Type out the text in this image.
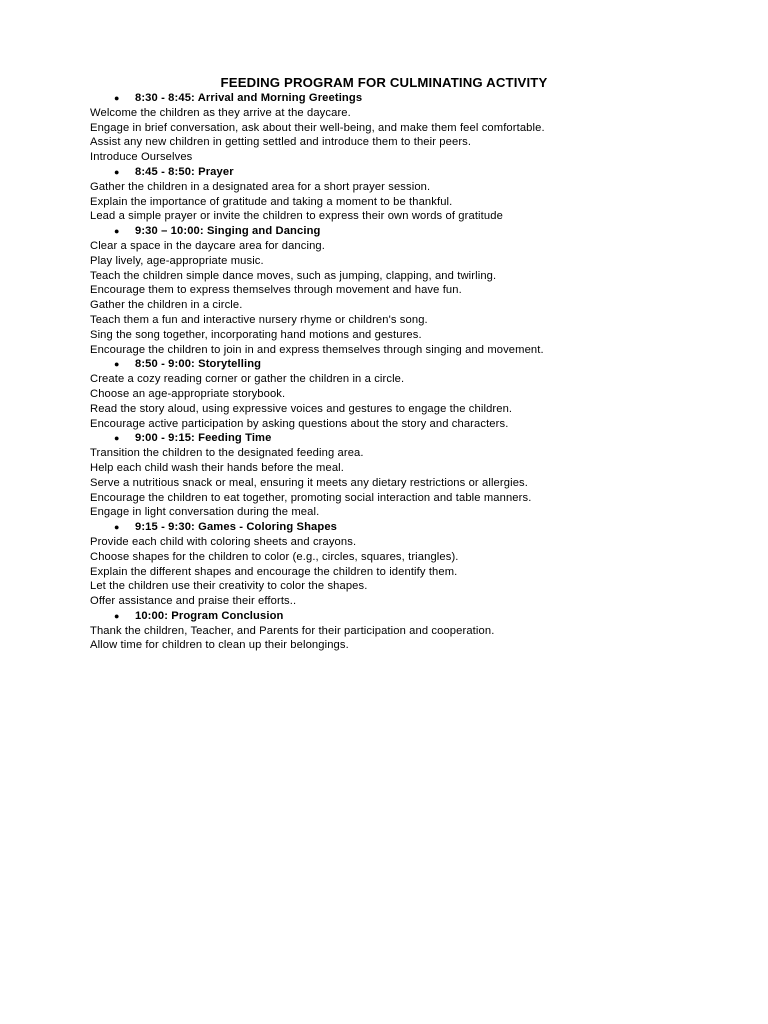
FEEDING PROGRAM FOR CULMINATING ACTIVITY
● 8:30 - 8:45: Arrival and Morning Greetings
Welcome the children as they arrive at the daycare.
Engage in brief conversation, ask about their well-being, and make them feel comfortable.
Assist any new children in getting settled and introduce them to their peers.
Introduce Ourselves
● 8:45 - 8:50: Prayer
Gather the children in a designated area for a short prayer session.
Explain the importance of gratitude and taking a moment to be thankful.
Lead a simple prayer or invite the children to express their own words of gratitude
● 9:30 – 10:00: Singing and Dancing
Clear a space in the daycare area for dancing.
Play lively, age-appropriate music.
Teach the children simple dance moves, such as jumping, clapping, and twirling.
Encourage them to express themselves through movement and have fun.
Gather the children in a circle.
Teach them a fun and interactive nursery rhyme or children's song.
Sing the song together, incorporating hand motions and gestures.
Encourage the children to join in and express themselves through singing and movement.
● 8:50 - 9:00: Storytelling
Create a cozy reading corner or gather the children in a circle.
Choose an age-appropriate storybook.
Read the story aloud, using expressive voices and gestures to engage the children.
Encourage active participation by asking questions about the story and characters.
● 9:00 - 9:15: Feeding Time
Transition the children to the designated feeding area.
Help each child wash their hands before the meal.
Serve a nutritious snack or meal, ensuring it meets any dietary restrictions or allergies.
Encourage the children to eat together, promoting social interaction and table manners.
Engage in light conversation during the meal.
● 9:15 - 9:30: Games - Coloring Shapes
Provide each child with coloring sheets and crayons.
Choose shapes for the children to color (e.g., circles, squares, triangles).
Explain the different shapes and encourage the children to identify them.
Let the children use their creativity to color the shapes.
Offer assistance and praise their efforts..
● 10:00: Program Conclusion
Thank the children, Teacher, and Parents for their participation and cooperation.
Allow time for children to clean up their belongings.
